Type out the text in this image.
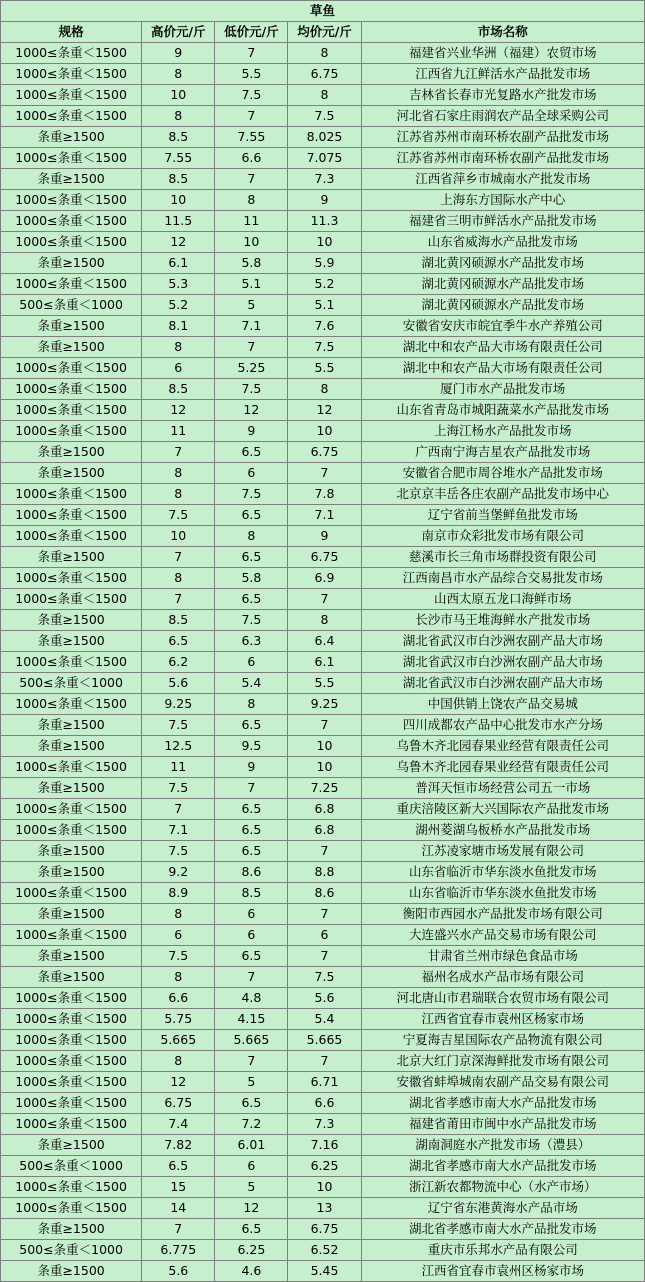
草鱼				
规格	高价元/斤	低价元/斤	均价元/斤	市场名称
1000≤条重＜1500	9	7	8	福建省兴业华洲（福建）农贸市场
1000≤条重＜1500	8	5.5	6.75	江西省九江鲜活水产品批发市场
1000≤条重＜1500	10	7.5	8	吉林省长春市光复路水产批发市场
1000≤条重＜1500	8	7	7.5	河北省石家庄雨润农产品全球采购公司
条重≥1500	8.5	7.55	8.025	江苏省苏州市南环桥农副产品批发市场
1000≤条重＜1500	7.55	6.6	7.075	江苏省苏州市南环桥农副产品批发市场
条重≥1500	8.5	7	7.3	江西省萍乡市城南水产批发市场
1000≤条重＜1500	10	8	9	上海东方国际水产中心
1000≤条重＜1500	11.5	11	11.3	福建省三明市鲜活水产品批发市场
1000≤条重＜1500	12	10	10	山东省威海水产品批发市场
条重≥1500	6.1	5.8	5.9	湖北黄冈硕源水产品批发市场
1000≤条重＜1500	5.3	5.1	5.2	湖北黄冈硕源水产品批发市场
500≤条重＜1000	5.2	5	5.1	湖北黄冈硕源水产品批发市场
条重≥1500	8.1	7.1	7.6	安徽省安庆市皖宜季牛水产养殖公司
条重≥1500	8	7	7.5	湖北中和农产品大市场有限责任公司
1000≤条重＜1500	6	5.25	5.5	湖北中和农产品大市场有限责任公司
1000≤条重＜1500	8.5	7.5	8	厦门市水产品批发市场
1000≤条重＜1500	12	12	12	山东省青岛市城阳蔬菜水产品批发市场
1000≤条重＜1500	11	9	10	上海江杨水产品批发市场
条重≥1500	7	6.5	6.75	广西南宁海吉星农产品批发市场
条重≥1500	8	6	7	安徽省合肥市周谷堆水产品批发市场
1000≤条重＜1500	8	7.5	7.8	北京京丰岳各庄农副产品批发市场中心
1000≤条重＜1500	7.5	6.5	7.1	辽宁省前当堡鲜鱼批发市场
1000≤条重＜1500	10	8	9	南京市众彩批发市场有限公司
条重≥1500	7	6.5	6.75	慈溪市长三角市场群投资有限公司
1000≤条重＜1500	8	5.8	6.9	江西南昌市水产品综合交易批发市场
1000≤条重＜1500	7	6.5	7	山西太原五龙口海鲜市场
条重≥1500	8.5	7.5	8	长沙市马王堆海鲜水产批发市场
条重≥1500	6.5	6.3	6.4	湖北省武汉市白沙洲农副产品大市场
1000≤条重＜1500	6.2	6	6.1	湖北省武汉市白沙洲农副产品大市场
500≤条重＜1000	5.6	5.4	5.5	湖北省武汉市白沙洲农副产品大市场
1000≤条重＜1500	9.25	8	9.25	中国供销上饶农产品交易城
条重≥1500	7.5	6.5	7	四川成都农产品中心批发市水产分场
条重≥1500	12.5	9.5	10	乌鲁木齐北园春果业经营有限责任公司
1000≤条重＜1500	11	9	10	乌鲁木齐北园春果业经营有限责任公司
条重≥1500	7.5	7	7.25	普洱天恒市场经营公司五一市场
1000≤条重＜1500	7	6.5	6.8	重庆涪陵区新大兴国际农产品批发市场
1000≤条重＜1500	7.1	6.5	6.8	湖州菱湖乌板桥水产品批发市场
条重≥1500	7.5	6.5	7	江苏凌家塘市场发展有限公司
条重≥1500	9.2	8.6	8.8	山东省临沂市华东淡水鱼批发市场
1000≤条重＜1500	8.9	8.5	8.6	山东省临沂市华东淡水鱼批发市场
条重≥1500	8	6	7	衡阳市西园水产品批发市场有限公司
1000≤条重＜1500	6	6	6	大连盛兴水产品交易市场有限公司
条重≥1500	7.5	6.5	7	甘肃省兰州市绿色食品市场
条重≥1500	8	7	7.5	福州名成水产品市场有限公司
1000≤条重＜1500	6.6	4.8	5.6	河北唐山市君瑞联合农贸市场有限公司
1000≤条重＜1500	5.75	4.15	5.4	江西省宜春市袁州区杨家市场
1000≤条重＜1500	5.665	5.665	5.665	宁夏海吉星国际农产品物流有限公司
1000≤条重＜1500	8	7	7	北京大红门京深海鲜批发市场有限公司
1000≤条重＜1500	12	5	6.71	安徽省蚌埠城南农副产品交易有限公司
1000≤条重＜1500	6.75	6.5	6.6	湖北省孝感市南大水产品批发市场
1000≤条重＜1500	7.4	7.2	7.3	福建省莆田市闽中水产品批发市场
条重≥1500	7.82	6.01	7.16	湖南洞庭水产批发市场（澧县）
500≤条重＜1000	6.5	6	6.25	湖北省孝感市南大水产品批发市场
1000≤条重＜1500	15	5	10	浙江新农都物流中心（水产市场）
1000≤条重＜1500	14	12	13	辽宁省东港黄海水产品市场
条重≥1500	7	6.5	6.75	湖北省孝感市南大水产品批发市场
500≤条重＜1000	6.775	6.25	6.52	重庆市乐邦水产品有限公司
条重≥1500	5.6	4.6	5.45	江西省宜春市袁州区杨家市场
